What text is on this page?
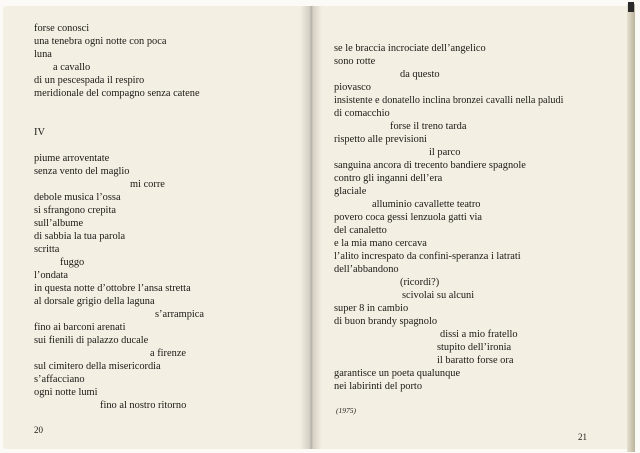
forse conosci
una tenebra ogni notte con poca
luna
a cavallo
di un pescespada il respiro
meridionale del compagno senza catene
IV
piume arroventate
senza vento del maglio
mi corre
debole musica l’ossa
si sfrangono crepita
sull’albume
di sabbia la tua parola
scritta
fuggo
l’ondata
in questa notte d’ottobre l’ansa stretta
al dorsale grigio della laguna
s’arrampica
fino ai barconi arenati
sui fienili di palazzo ducale
a firenze
sul cimitero della misericordia
s’affacciano
ogni notte lumi
fino al nostro ritorno
20
se le braccia incrociate dell’angelico
sono rotte
da questo
piovasco
insistente e donatello inclina bronzei cavalli nella paludi
di comacchio
forse il treno tarda
rispetto alle previsioni
il parco
sanguina ancora di trecento bandiere spagnole
contro gli inganni dell’era
glaciale
alluminio cavallette teatro
povero coca gessi lenzuola gatti via
del canaletto
e la mia mano cercava
l’alito increspato da confini-speranza i latrati
dell’abbandono
(ricordi?)
scivolai su alcuni
super 8 in cambio
di buon brandy spagnolo
dissi a mio fratello
stupito dell’ironia
il baratto forse ora
garantisce un poeta qualunque
nei labirinti del porto
(1975)
21
